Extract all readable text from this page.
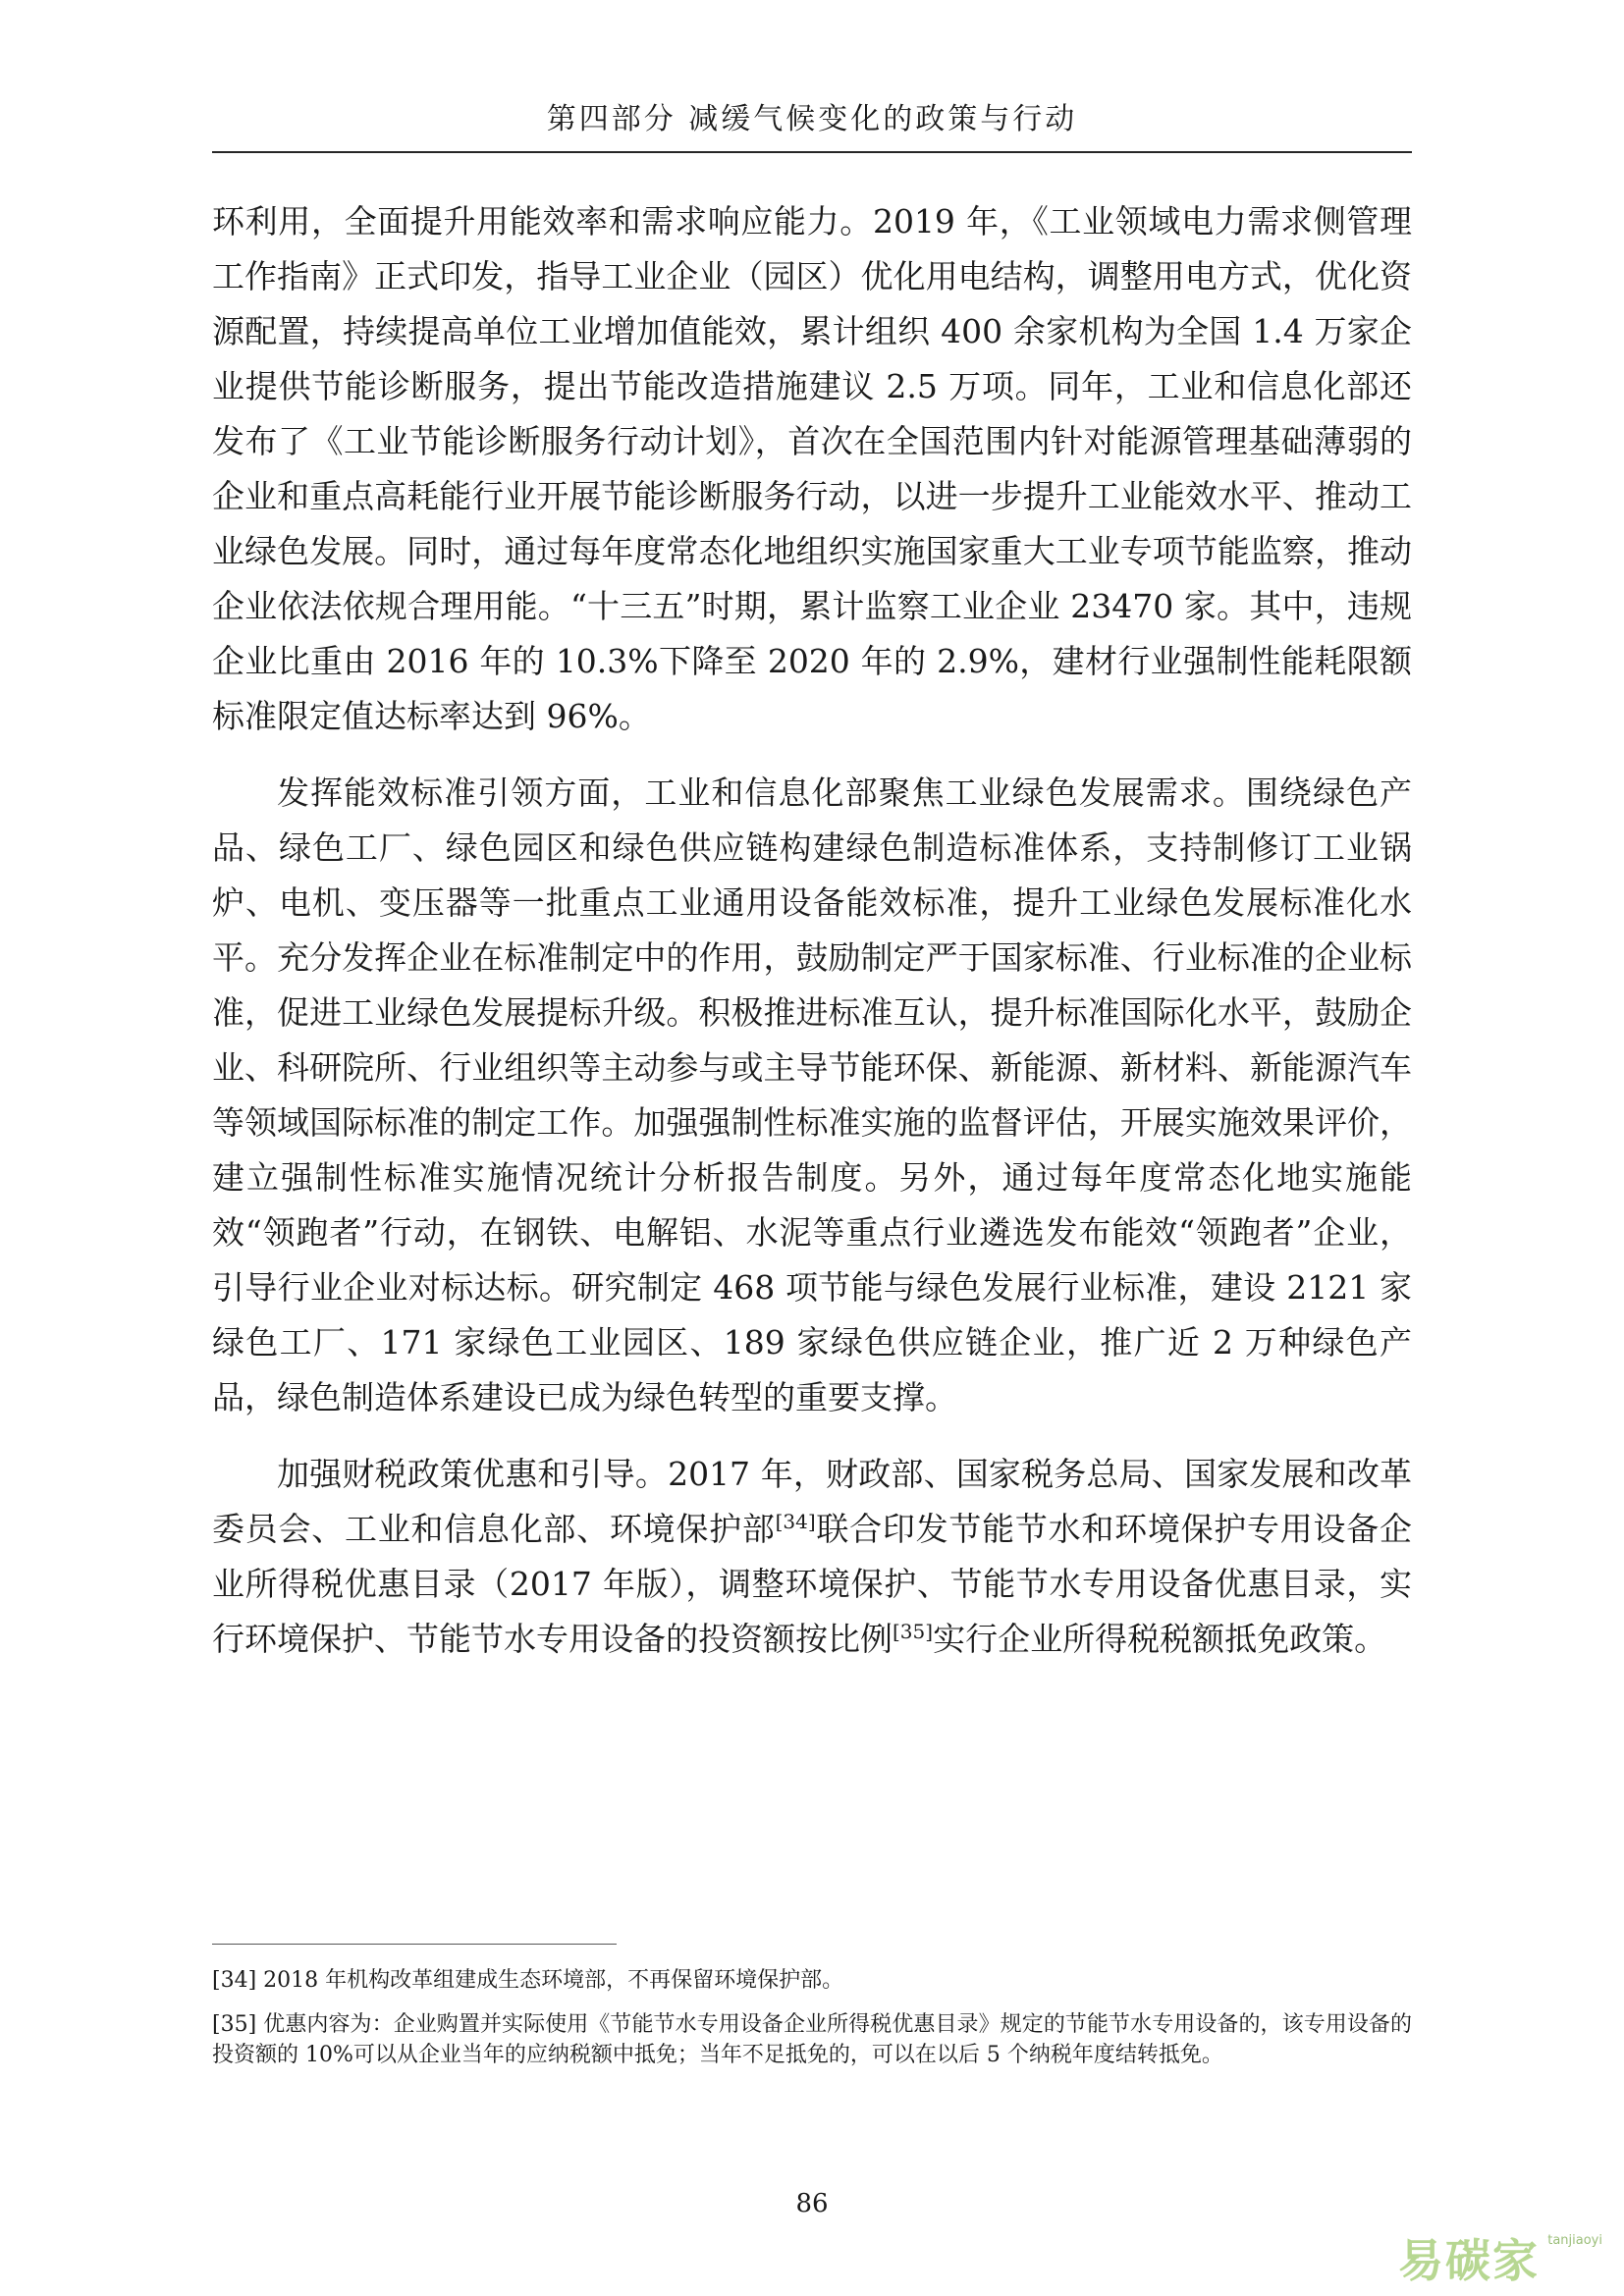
第四部分 减缓气候变化的政策与行动

环利用，全面提升用能效率和需求响应能力。2019 年，《工业领域电力需求侧管理工作指南》正式印发，指导工业企业（园区）优化用电结构，调整用电方式，优化资源配置，持续提高单位工业增加值能效，累计组织 400 余家机构为全国 1.4 万家企业提供节能诊断服务，提出节能改造措施建议 2.5 万项。同年，工业和信息化部还发布了《工业节能诊断服务行动计划》，首次在全国范围内针对能源管理基础薄弱的企业和重点高耗能行业开展节能诊断服务行动，以进一步提升工业能效水平、推动工业绿色发展。同时，通过每年度常态化地组织实施国家重大工业专项节能监察，推动企业依法依规合理用能。“十三五”时期，累计监察工业企业 23470 家。其中，违规企业比重由 2016 年的 10.3%下降至 2020 年的 2.9%，建材行业强制性能耗限额标准限定值达标率达到 96%。

发挥能效标准引领方面，工业和信息化部聚焦工业绿色发展需求。围绕绿色产品、绿色工厂、绿色园区和绿色供应链构建绿色制造标准体系，支持制修订工业锅炉、电机、变压器等一批重点工业通用设备能效标准，提升工业绿色发展标准化水平。充分发挥企业在标准制定中的作用，鼓励制定严于国家标准、行业标准的企业标准，促进工业绿色发展提标升级。积极推进标准互认，提升标准国际化水平，鼓励企业、科研院所、行业组织等主动参与或主导节能环保、新能源、新材料、新能源汽车等领域国际标准的制定工作。加强强制性标准实施的监督评估，开展实施效果评价，建立强制性标准实施情况统计分析报告制度。另外，通过每年度常态化地实施能效“领跑者”行动，在钢铁、电解铝、水泥等重点行业遴选发布能效“领跑者”企业，引导行业企业对标达标。研究制定 468 项节能与绿色发展行业标准，建设 2121 家绿色工厂、171 家绿色工业园区、189 家绿色供应链企业，推广近 2 万种绿色产品，绿色制造体系建设已成为绿色转型的重要支撑。

加强财税政策优惠和引导。2017 年，财政部、国家税务总局、国家发展和改革委员会、工业和信息化部、环境保护部[34]联合印发节能节水和环境保护专用设备企业所得税优惠目录（2017 年版），调整环境保护、节能节水专用设备优惠目录，实行环境保护、节能节水专用设备的投资额按比例[35]实行企业所得税税额抵免政策。

[34] 2018 年机构改革组建成生态环境部，不再保留环境保护部。

[35] 优惠内容为：企业购置并实际使用《节能节水专用设备企业所得税优惠目录》规定的节能节水专用设备的，该专用设备的投资额的 10%可以从企业当年的应纳税额中抵免；当年不足抵免的，可以在以后 5 个纳税年度结转抵免。

86
易碳家 tanjiaoyi
